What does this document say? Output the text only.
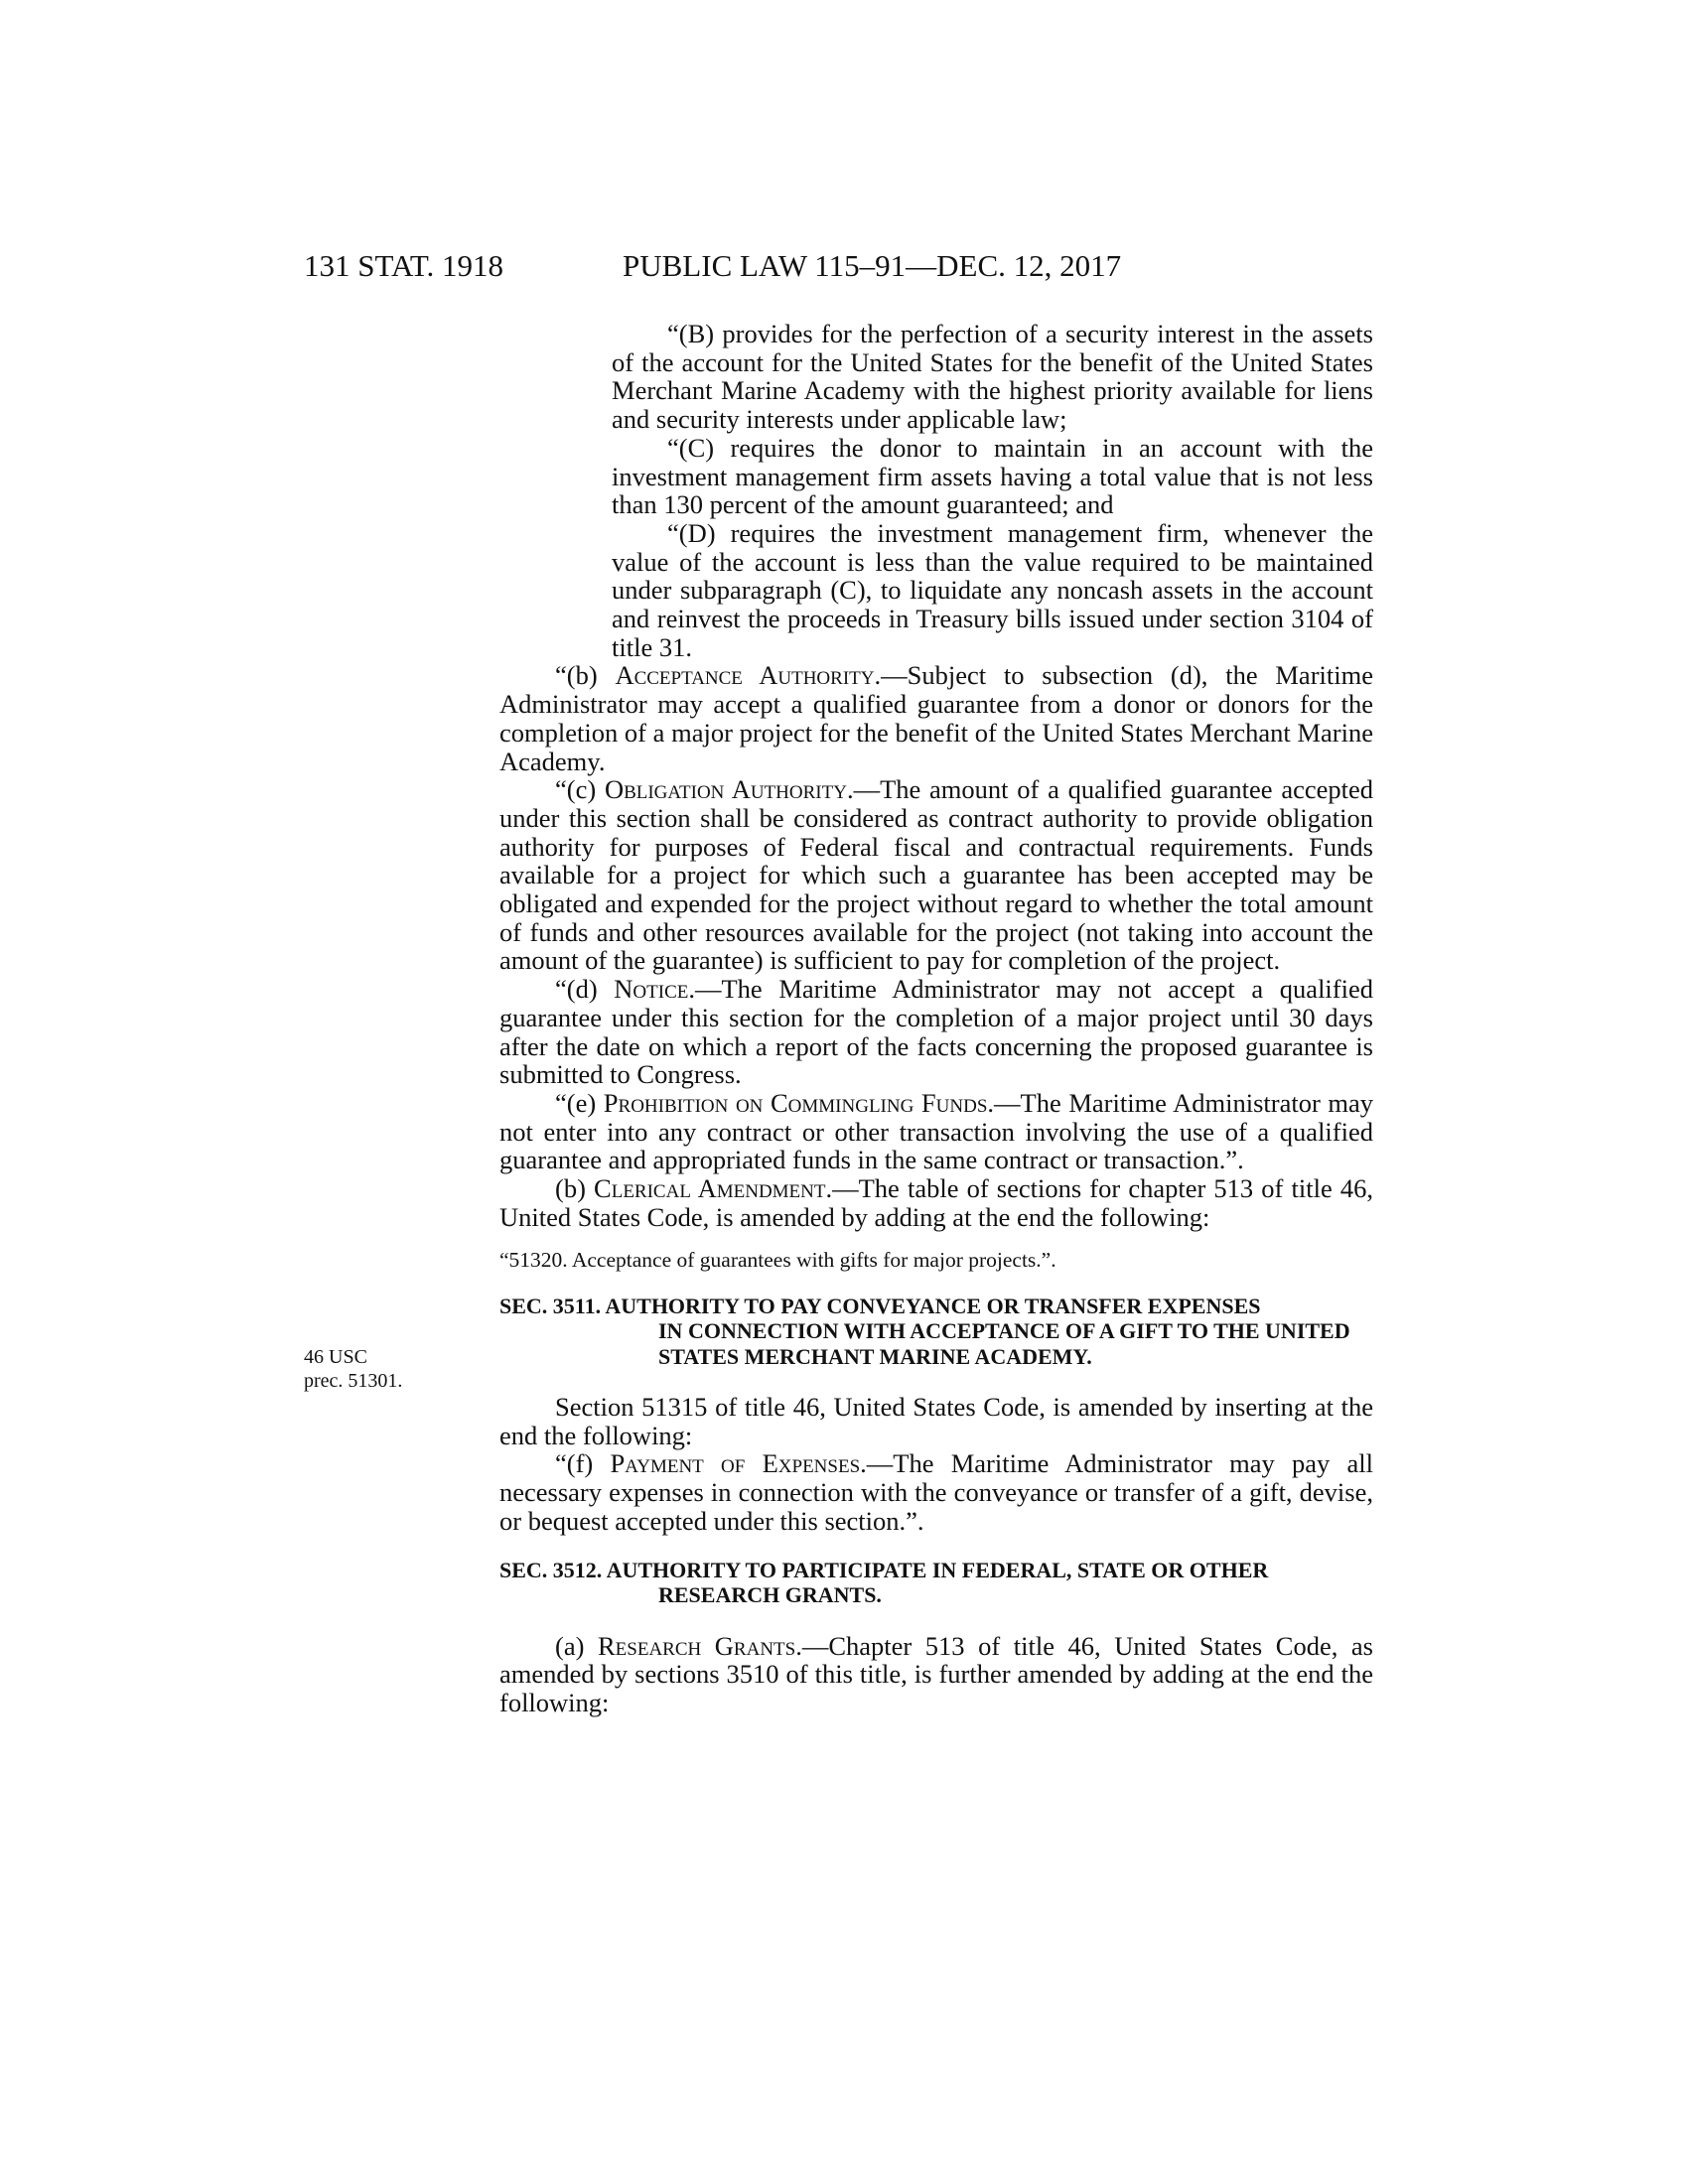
131 STAT. 1918	PUBLIC LAW 115–91—DEC. 12, 2017
46 USC
prec. 51301.

“(B) provides for the perfection of a security interest in the assets of the account for the United States for the benefit of the United States Merchant Marine Academy with the highest priority available for liens and security interests under applicable law;

“(C) requires the donor to maintain in an account with the investment management firm assets having a total value that is not less than 130 percent of the amount guaranteed; and

“(D) requires the investment management firm, whenever the value of the account is less than the value required to be maintained under subparagraph (C), to liquidate any noncash assets in the account and reinvest the proceeds in Treasury bills issued under section 3104 of title 31.

“(b) Acceptance Authority.—Subject to subsection (d), the Maritime Administrator may accept a qualified guarantee from a donor or donors for the completion of a major project for the benefit of the United States Merchant Marine Academy.

“(c) Obligation Authority.—The amount of a qualified guarantee accepted under this section shall be considered as contract authority to provide obligation authority for purposes of Federal fiscal and contractual requirements. Funds available for a project for which such a guarantee has been accepted may be obligated and expended for the project without regard to whether the total amount of funds and other resources available for the project (not taking into account the amount of the guarantee) is sufficient to pay for completion of the project.

“(d) Notice.—The Maritime Administrator may not accept a qualified guarantee under this section for the completion of a major project until 30 days after the date on which a report of the facts concerning the proposed guarantee is submitted to Congress.

“(e) Prohibition on Commingling Funds.—The Maritime Administrator may not enter into any contract or other transaction involving the use of a qualified guarantee and appropriated funds in the same contract or transaction.”.

(b) Clerical Amendment.—The table of sections for chapter 513 of title 46, United States Code, is amended by adding at the end the following:

“51320. Acceptance of guarantees with gifts for major projects.”.

SEC. 3511. AUTHORITY TO PAY CONVEYANCE OR TRANSFER EXPENSES
IN CONNECTION WITH ACCEPTANCE OF A GIFT TO THE UNITED STATES MERCHANT MARINE ACADEMY.

Section 51315 of title 46, United States Code, is amended by inserting at the end the following:

“(f) Payment of Expenses.—The Maritime Administrator may pay all necessary expenses in connection with the conveyance or transfer of a gift, devise, or bequest accepted under this section.”.

SEC. 3512. AUTHORITY TO PARTICIPATE IN FEDERAL, STATE OR OTHER
RESEARCH GRANTS.

(a) Research Grants.—Chapter 513 of title 46, United States Code, as amended by sections 3510 of this title, is further amended by adding at the end the following:
